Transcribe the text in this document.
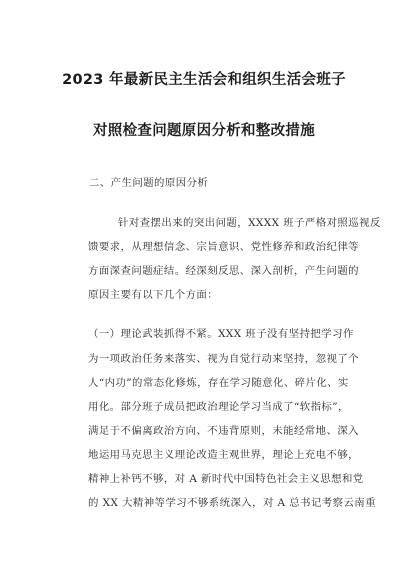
2023 年最新民主生活会和组织生活会班子
对照检查问题原因分析和整改措施
二、产生问题的原因分析
针对查摆出来的突出问题，XXXX 班子严格对照巡视反
馈要求，从理想信念、宗旨意识、党性修养和政治纪律等
方面深查问题症结。经深刻反思、深入剖析，产生问题的
原因主要有以下几个方面：
（一）理论武装抓得不紧。XXX 班子没有坚持把学习作
为一项政治任务来落实、视为自觉行动来坚持，忽视了个
人“内功”的常态化修炼，存在学习随意化、碎片化、实
用化。部分班子成员把政治理论学习当成了“软指标”，
满足于不偏离政治方向、不违背原则，未能经常地、深入
地运用马克思主义理论改造主观世界，理论上充电不够，
精神上补钙不够，对 A 新时代中国特色社会主义思想和党
的 XX 大精神等学习不够系统深入，对 A 总书记考察云南重
